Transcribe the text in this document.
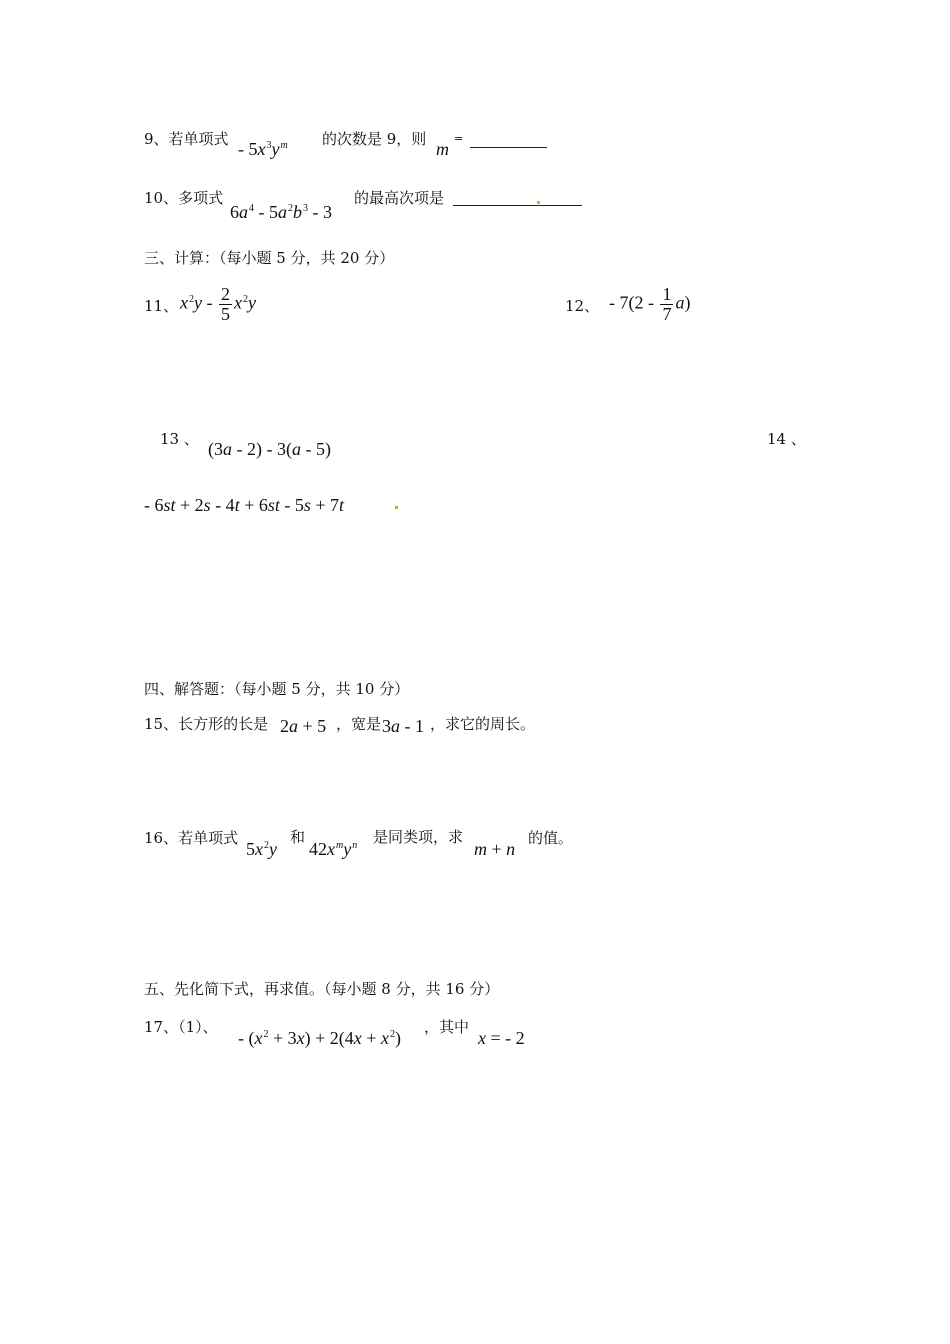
9、若单项式 - $5x^3y^m$ 的次数是 9，则 m
=
10、多项式
$6a^4 - 5a^2b^3 - 3$
的最高次项是
三、计算：（每小题 5 分，共 20 分）
11、 $x^2y - \frac{2}{5} x^2y$	12、 - $7(2 - \frac{1}{7} a)$
13 、 (3a - 2) - 3(a - 5)	14 、
- 6st + 2s - 4t + 6st - 5s + 7t
四、解答题：（每小题 5 分，共 10 分）
15、长方形的长是 2a + 5 ，宽是 3a - 1 ，求它的周长。
16、若单项式
$5x^2y$
和
$42x^my^n$ 是同类项，求
m + n
的值。
五、先化简下式，再求值。（每小题 8 分，共 16 分）
17、（1）、
- $(x^2 + 3x) + 2(4x + x^2)$
，其中
x = - 2
